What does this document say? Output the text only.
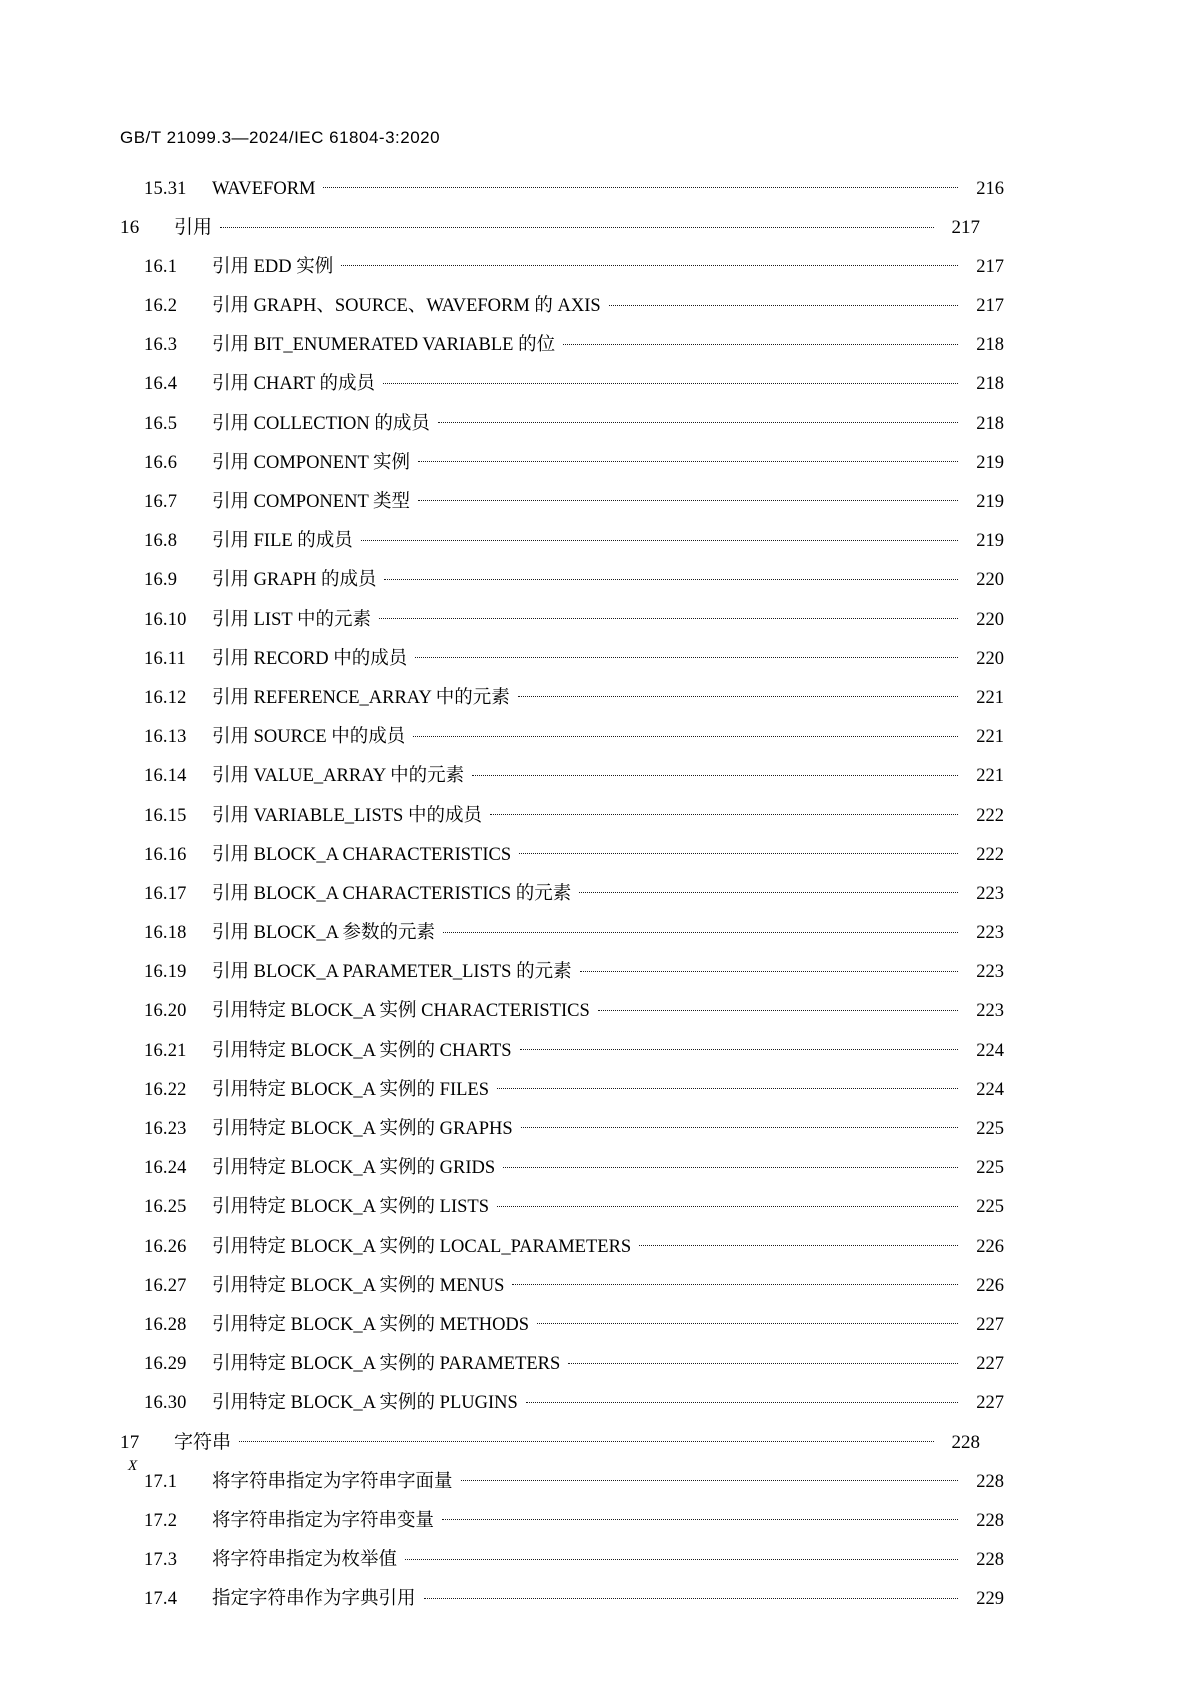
GB/T 21099.3—2024/IEC 61804-3:2020
15.31	WAVEFORM	216
16	引用	217
16.1	引用 EDD 实例	217
16.2	引用 GRAPH、SOURCE、WAVEFORM 的 AXIS	217
16.3	引用 BIT_ENUMERATED VARIABLE 的位	218
16.4	引用 CHART 的成员	218
16.5	引用 COLLECTION 的成员	218
16.6	引用 COMPONENT 实例	219
16.7	引用 COMPONENT 类型	219
16.8	引用 FILE 的成员	219
16.9	引用 GRAPH 的成员	220
16.10	引用 LIST 中的元素	220
16.11	引用 RECORD 中的成员	220
16.12	引用 REFERENCE_ARRAY 中的元素	221
16.13	引用 SOURCE 中的成员	221
16.14	引用 VALUE_ARRAY 中的元素	221
16.15	引用 VARIABLE_LISTS 中的成员	222
16.16	引用 BLOCK_A CHARACTERISTICS	222
16.17	引用 BLOCK_A CHARACTERISTICS 的元素	223
16.18	引用 BLOCK_A 参数的元素	223
16.19	引用 BLOCK_A PARAMETER_LISTS 的元素	223
16.20	引用特定 BLOCK_A 实例 CHARACTERISTICS	223
16.21	引用特定 BLOCK_A 实例的 CHARTS	224
16.22	引用特定 BLOCK_A 实例的 FILES	224
16.23	引用特定 BLOCK_A 实例的 GRAPHS	225
16.24	引用特定 BLOCK_A 实例的 GRIDS	225
16.25	引用特定 BLOCK_A 实例的 LISTS	225
16.26	引用特定 BLOCK_A 实例的 LOCAL_PARAMETERS	226
16.27	引用特定 BLOCK_A 实例的 MENUS	226
16.28	引用特定 BLOCK_A 实例的 METHODS	227
16.29	引用特定 BLOCK_A 实例的 PARAMETERS	227
16.30	引用特定 BLOCK_A 实例的 PLUGINS	227
17	字符串	228
17.1	将字符串指定为字符串字面量	228
17.2	将字符串指定为字符串变量	228
17.3	将字符串指定为枚举值	228
17.4	指定字符串作为字典引用	229
X
